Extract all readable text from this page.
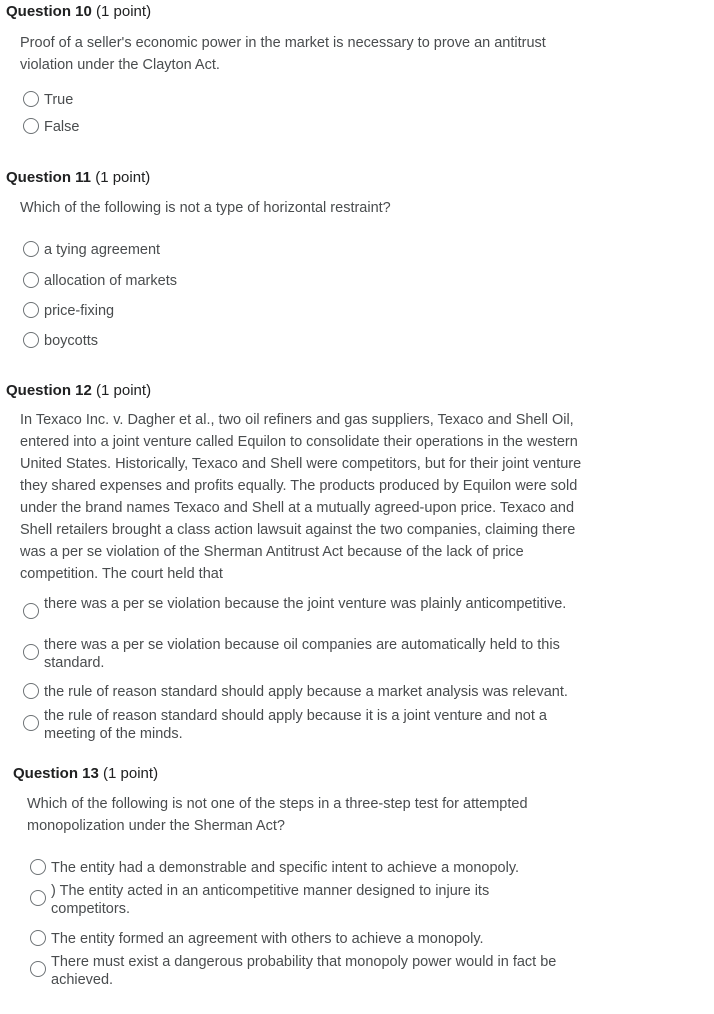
Question 10 (1 point)
Proof of a seller's economic power in the market is necessary to prove an antitrust violation under the Clayton Act.
True
False
Question 11 (1 point)
Which of the following is not a type of horizontal restraint?
a tying agreement
allocation of markets
price-fixing
boycotts
Question 12 (1 point)
In Texaco Inc. v. Dagher et al., two oil refiners and gas suppliers, Texaco and Shell Oil, entered into a joint venture called Equilon to consolidate their operations in the western United States. Historically, Texaco and Shell were competitors, but for their joint venture they shared expenses and profits equally. The products produced by Equilon were sold under the brand names Texaco and Shell at a mutually agreed-upon price. Texaco and Shell retailers brought a class action lawsuit against the two companies, claiming there was a per se violation of the Sherman Antitrust Act because of the lack of price competition. The court held that
there was a per se violation because the joint venture was plainly anticompetitive.
there was a per se violation because oil companies are automatically held to this standard.
the rule of reason standard should apply because a market analysis was relevant.
the rule of reason standard should apply because it is a joint venture and not a meeting of the minds.
Question 13 (1 point)
Which of the following is not one of the steps in a three-step test for attempted monopolization under the Sherman Act?
The entity had a demonstrable and specific intent to achieve a monopoly.
) The entity acted in an anticompetitive manner designed to injure its competitors.
The entity formed an agreement with others to achieve a monopoly.
There must exist a dangerous probability that monopoly power would in fact be achieved.
